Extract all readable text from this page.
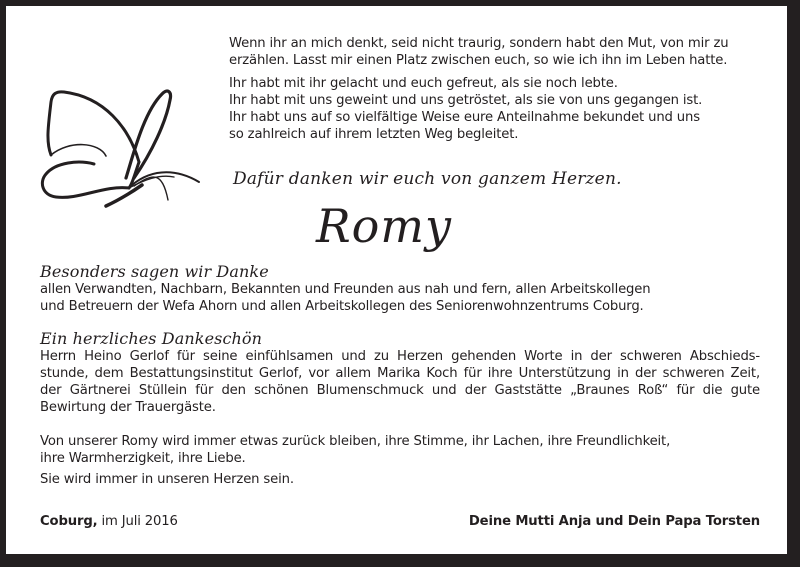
Wenn ihr an mich denkt, seid nicht traurig, sondern habt den Mut, von mir zu
erzählen. Lasst mir einen Platz zwischen euch, so wie ich ihn im Leben hatte.

Ihr habt mit ihr gelacht und euch gefreut, als sie noch lebte.
Ihr habt mit uns geweint und uns getröstet, als sie von uns gegangen ist.
Ihr habt uns auf so vielfältige Weise eure Anteilnahme bekundet und uns
so zahlreich auf ihrem letzten Weg begleitet.

Dafür danken wir euch von ganzem Herzen.
Romy
Besonders sagen wir Danke
allen Verwandten, Nachbarn, Bekannten und Freunden aus nah und fern, allen Arbeitskollegen
und Betreuern der Wefa Ahorn und allen Arbeitskollegen des Seniorenwohnzentrums Coburg.
Ein herzliches Dankeschön
Herrn Heino Gerlof für seine einfühlsamen und zu Herzen gehenden Worte in der schweren Abschieds-
stunde, dem Bestattungsinstitut Gerlof, vor allem Marika Koch für ihre Unterstützung in der schweren Zeit,
der Gärtnerei Stüllein für den schönen Blumenschmuck und der Gaststätte „Braunes Roß“ für die gute
Bewirtung der Trauergäste.
Von unserer Romy wird immer etwas zurück bleiben, ihre Stimme, ihr Lachen, ihre Freundlichkeit,
ihre Warmherzigkeit, ihre Liebe.
Sie wird immer in unseren Herzen sein.
Coburg, im Juli 2016	Deine Mutti Anja und Dein Papa Torsten
